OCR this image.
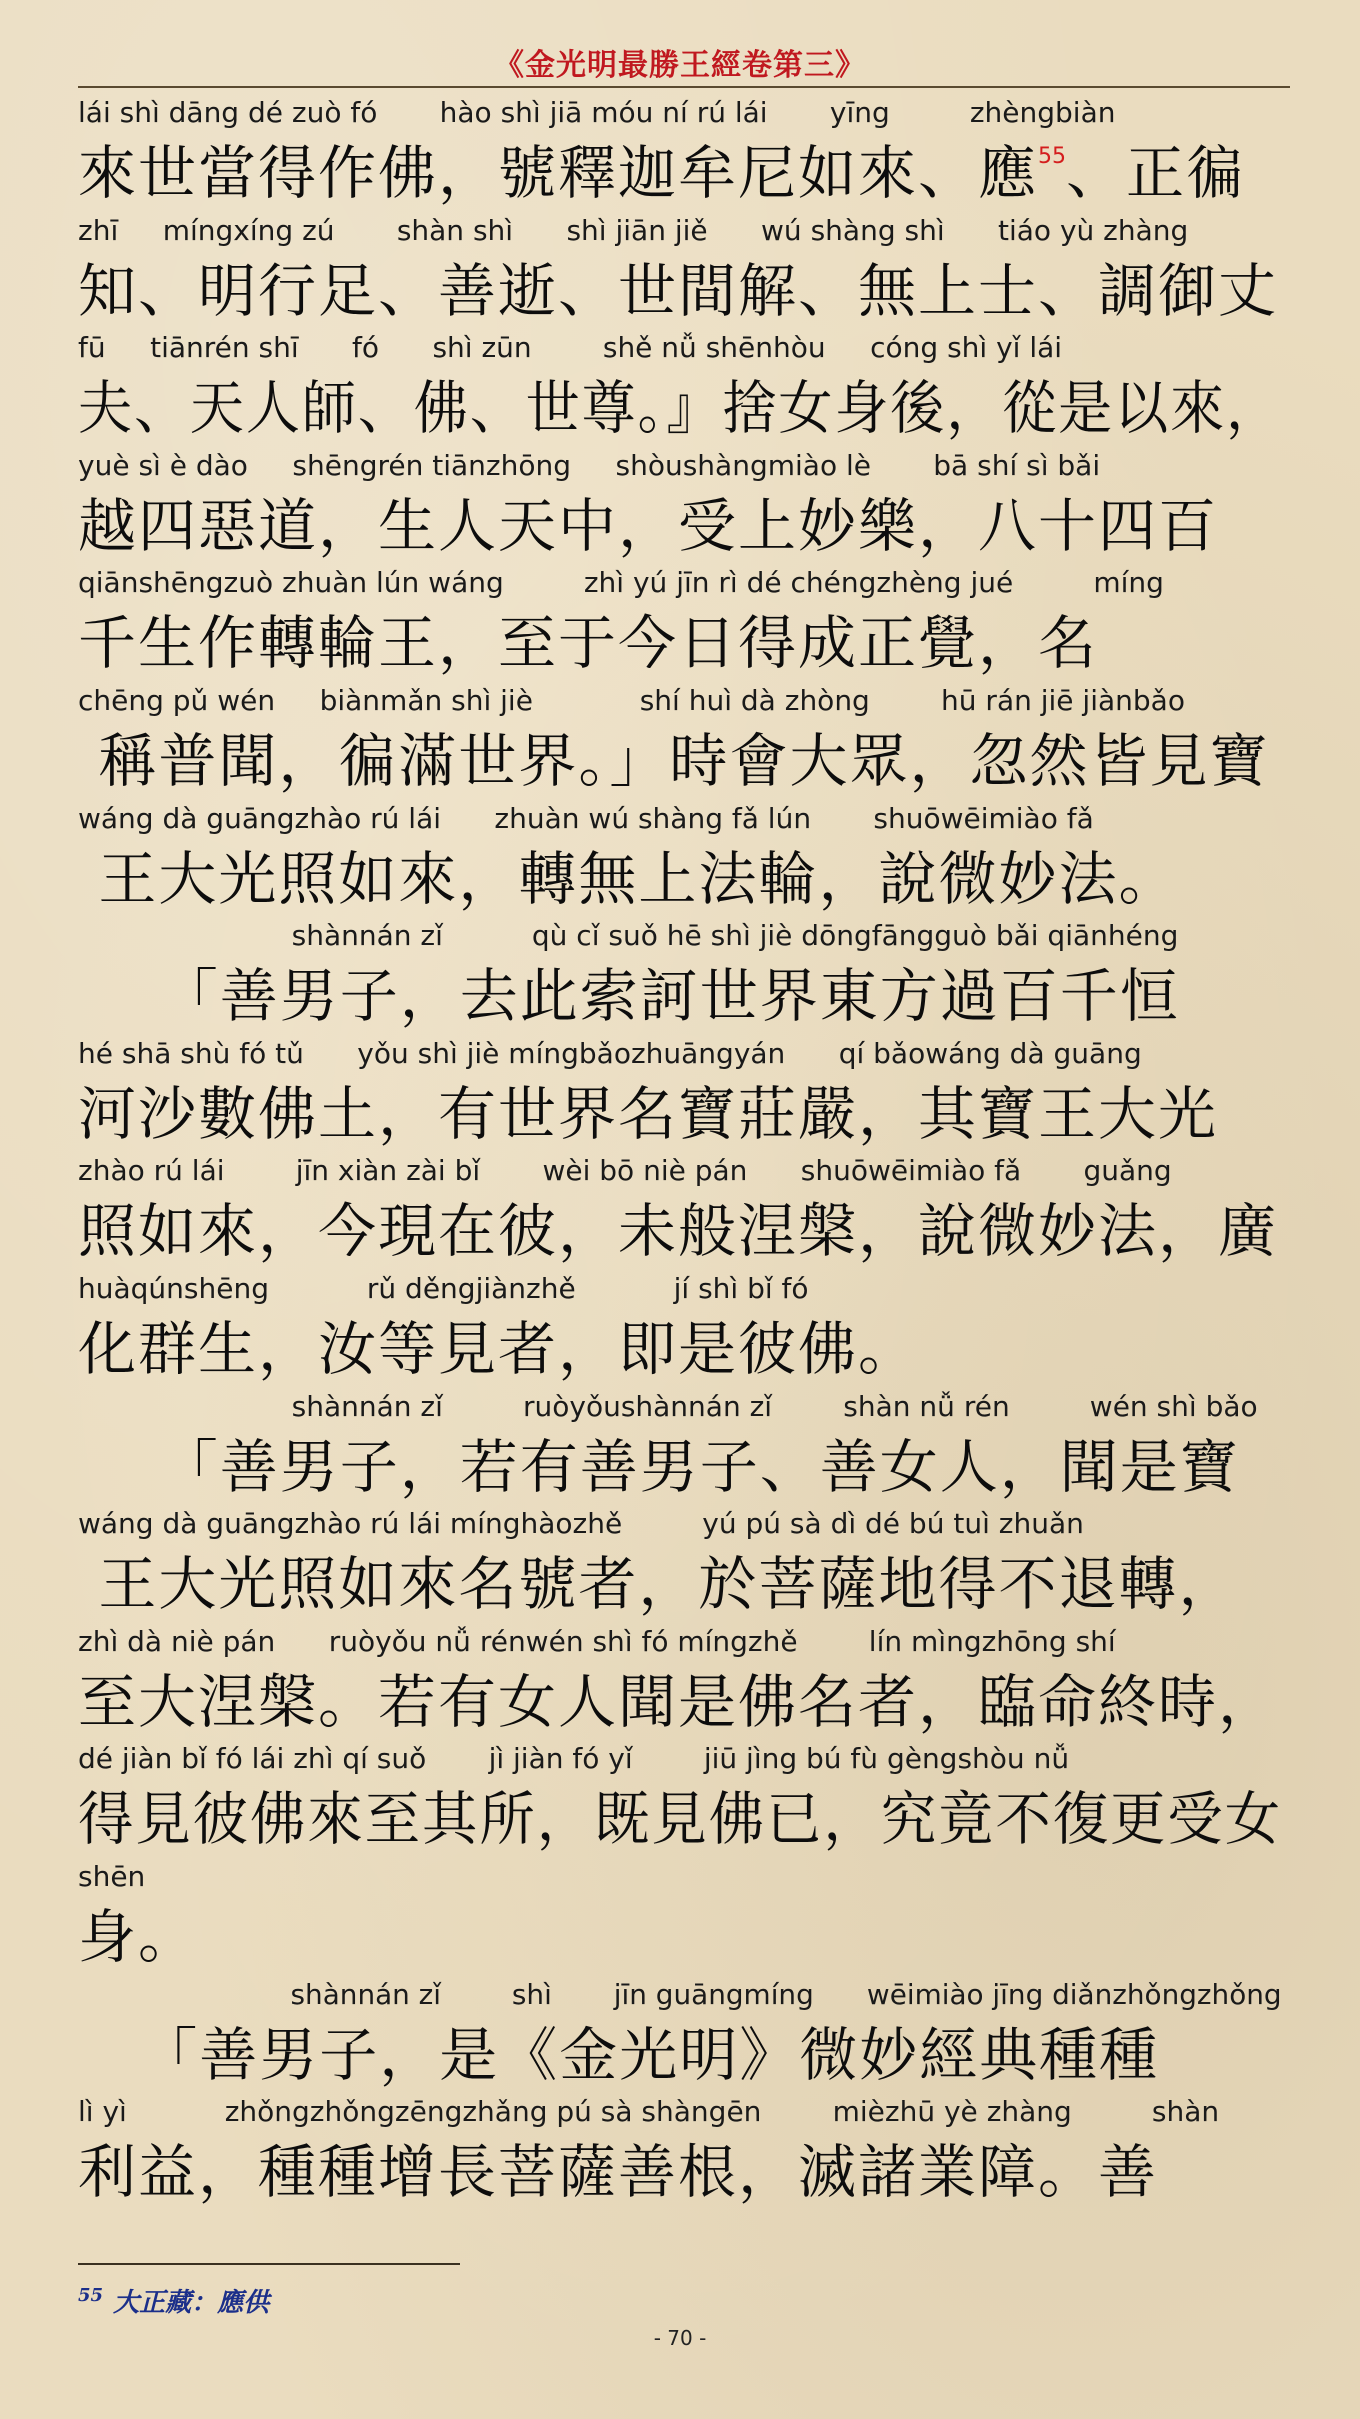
《金光明最勝王經卷第三》
lái shì dāng dé zuò fó       hào shì jiā móu ní rú lái       yīng         zhèngbiàn
來世當得作佛，號釋迦牟尼如來、應$^{55}$、正徧
zhī     míngxíng zú       shàn shì      shì jiān jiě      wú shàng shì      tiáo yù zhàng
知、明行足、善逝、世間解、無上士、調御丈
fū     tiānrén shī      fó      shì zūn        shě nǚ shēnhòu     cóng shì yǐ lái
夫、天人師、佛、世尊。』捨女身後，從是以來，
yuè sì è dào     shēngrén tiānzhōng     shòushàngmiào lè       bā shí sì bǎi
越四惡道，生人天中，受上妙樂，八十四百
qiānshēngzuò zhuàn lún wáng         zhì yú jīn rì dé chéngzhèng jué         míng
千生作轉輪王，至于今日得成正覺，名
chēng pǔ wén     biànmǎn shì jiè            shí huì dà zhòng        hū rán jiē jiànbǎo
稱普聞，徧滿世界。」時會大眾，忽然皆見寶
wáng dà guāngzhào rú lái      zhuàn wú shàng fǎ lún       shuōwēimiào fǎ
王大光照如來，轉無上法輪，說微妙法。
shànnán zǐ          qù cǐ suǒ hē shì jiè dōngfāngguò bǎi qiānhéng
「善男子，去此索訶世界東方過百千恒
hé shā shù fó tǔ      yǒu shì jiè míngbǎozhuāngyán      qí bǎowáng dà guāng
河沙數佛土，有世界名寶莊嚴，其寶王大光
zhào rú lái        jīn xiàn zài bǐ       wèi bō niè pán      shuōwēimiào fǎ       guǎng
照如來，今現在彼，未般涅槃，說微妙法，廣
huàqúnshēng           rǔ děngjiànzhě           jí shì bǐ fó
化群生，汝等見者，即是彼佛。
shànnán zǐ         ruòyǒushànnán zǐ        shàn nǚ rén         wén shì bǎo
「善男子，若有善男子、善女人，聞是寶
wáng dà guāngzhào rú lái mínghàozhě         yú pú sà dì dé bú tuì zhuǎn
王大光照如來名號者，於菩薩地得不退轉，
zhì dà niè pán      ruòyǒu nǚ rénwén shì fó míngzhě        lín mìngzhōng shí
至大涅槃。若有女人聞是佛名者，臨命終時，
dé jiàn bǐ fó lái zhì qí suǒ       jì jiàn fó yǐ        jiū jìng bú fù gèngshòu nǚ
得見彼佛來至其所，既見佛已，究竟不復更受女
shēn
身。
shànnán zǐ        shì       jīn guāngmíng      wēimiào jīng diǎnzhǒngzhǒng
「善男子，是《金光明》微妙經典種種
lì yì           zhǒngzhǒngzēngzhǎng pú sà shàngēn        mièzhū yè zhàng         shàn
利益，種種增長菩薩善根，滅諸業障。善
$^{55}$ 大正藏：應供
- 70 -
